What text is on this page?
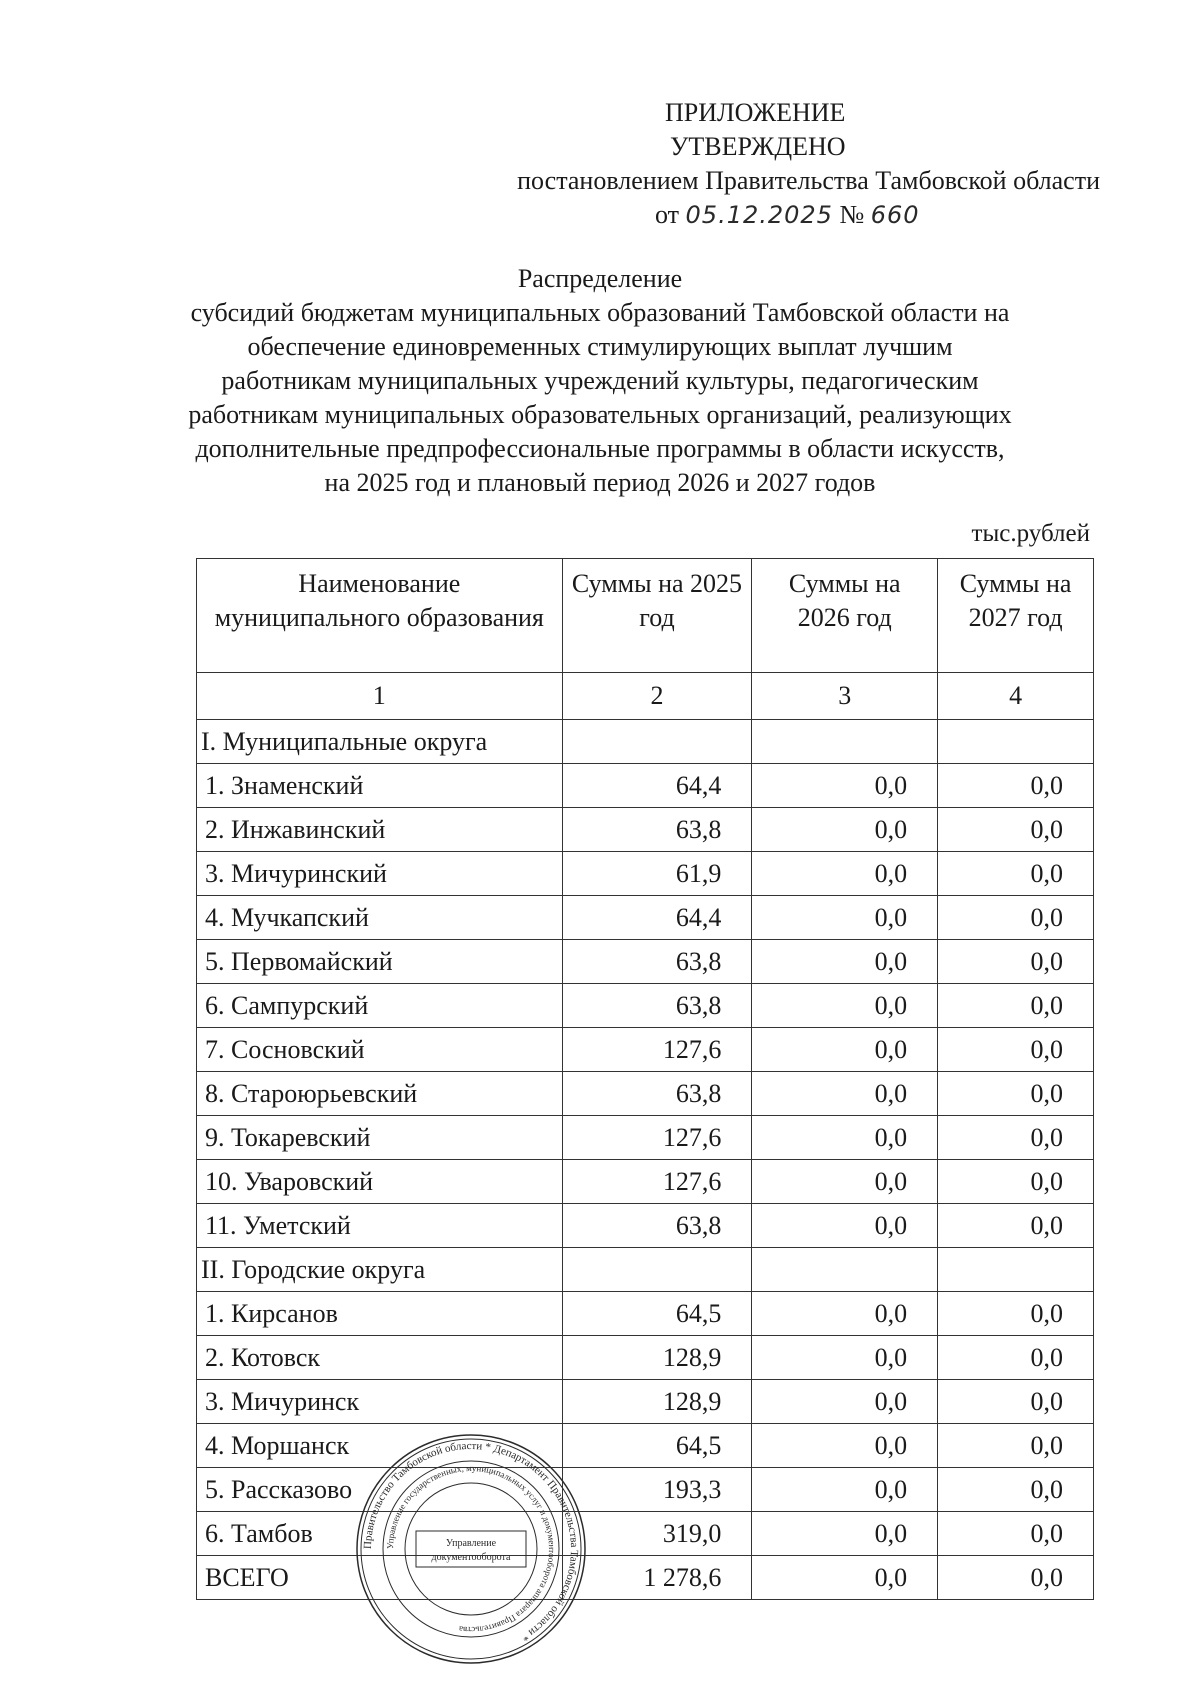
ПРИЛОЖЕНИЕ
УТВЕРЖДЕНО
постановлением Правительства Тамбовской области
от 05.12.2025 № 660
Распределение
субсидий бюджетам муниципальных образований Тамбовской области на
обеспечение единовременных стимулирующих выплат лучшим
работникам муниципальных учреждений культуры, педагогическим
работникам муниципальных образовательных организаций, реализующих
дополнительные предпрофессиональные программы в области искусств,
на 2025 год и плановый период 2026 и 2027 годов
тыс.рублей
Наименование муниципального образования	Суммы на 2025 год	Суммы на 2026 год	Суммы на 2027 год
1	2	3	4
I. Муниципальные округа			
1. Знаменский	64,4	0,0	0,0
2. Инжавинский	63,8	0,0	0,0
3. Мичуринский	61,9	0,0	0,0
4. Мучкапский	64,4	0,0	0,0
5. Первомайский	63,8	0,0	0,0
6. Сампурский	63,8	0,0	0,0
7. Сосновский	127,6	0,0	0,0
8. Староюрьевский	63,8	0,0	0,0
9. Токаревский	127,6	0,0	0,0
10. Уваровский	127,6	0,0	0,0
11. Уметский	63,8	0,0	0,0
II. Городские округа			
1. Кирсанов	64,5	0,0	0,0
2. Котовск	128,9	0,0	0,0
3. Мичуринск	128,9	0,0	0,0
4. Моршанск	64,5	0,0	0,0
5. Рассказово	193,3	0,0	0,0
6. Тамбов	319,0	0,0	0,0
ВСЕГО	1 278,6	0,0	0,0
Правительство Тамбовской области * Департамент Правительства Тамбовской области *
Управление государственных, муниципальных услуг и документооборота аппарата Правительства
Управление
документооборота
